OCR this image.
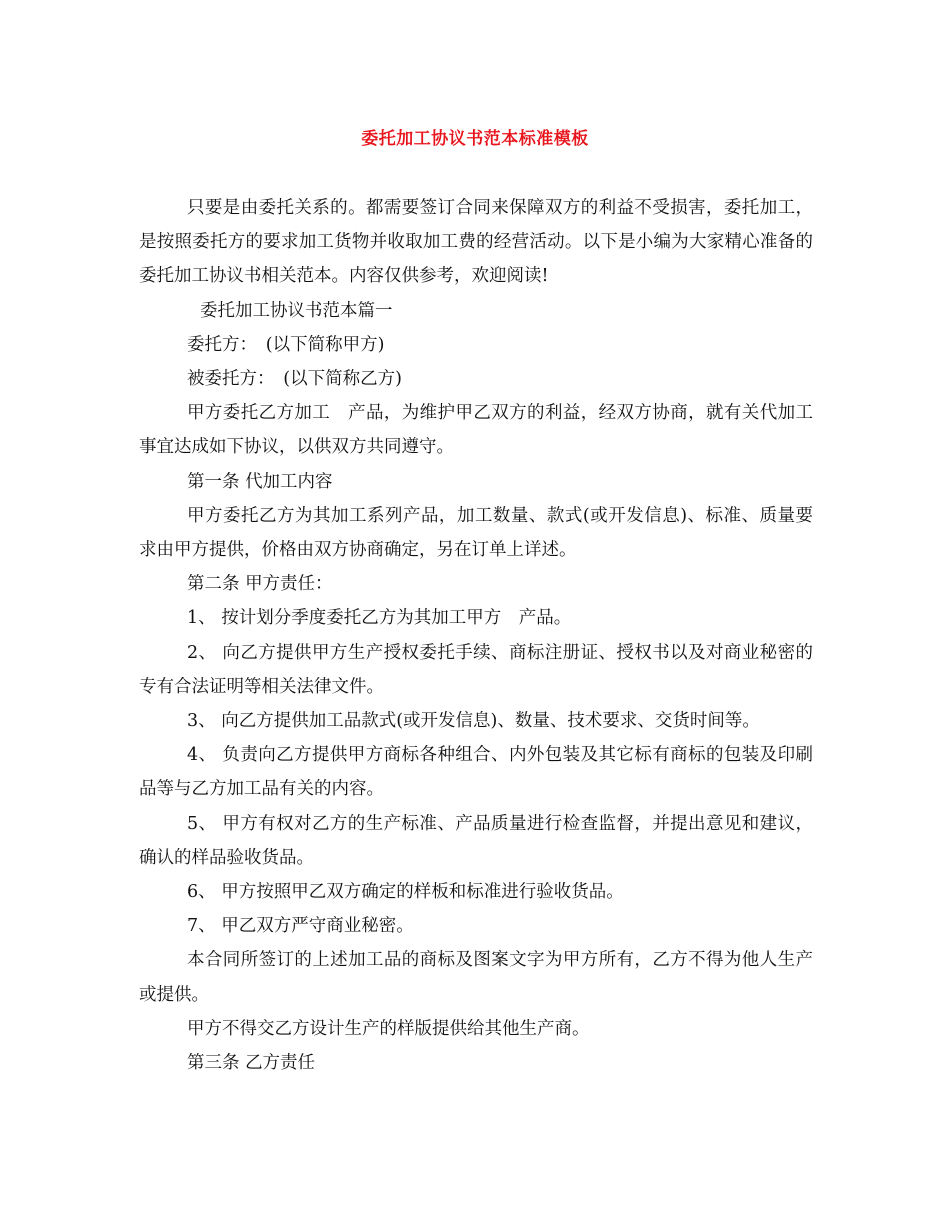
委托加工协议书范本标准模板

只要是由委托关系的。都需要签订合同来保障双方的利益不受损害，委托加工，是按照委托方的要求加工货物并收取加工费的经营活动。以下是小编为大家精心准备的委托加工协议书相关范本。内容仅供参考，欢迎阅读!

委托加工协议书范本篇一

委托方：　(以下简称甲方)

被委托方：　(以下简称乙方)

甲方委托乙方加工　产品，为维护甲乙双方的利益，经双方协商，就有关代加工事宜达成如下协议，以供双方共同遵守。

第一条 代加工内容

甲方委托乙方为其加工系列产品，加工数量、款式(或开发信息)、标准、质量要求由甲方提供，价格由双方协商确定，另在订单上详述。

第二条 甲方责任：

1、 按计划分季度委托乙方为其加工甲方　产品。

2、 向乙方提供甲方生产授权委托手续、商标注册证、授权书以及对商业秘密的专有合法证明等相关法律文件。

3、 向乙方提供加工品款式(或开发信息)、数量、技术要求、交货时间等。

4、 负责向乙方提供甲方商标各种组合、内外包装及其它标有商标的包装及印刷品等与乙方加工品有关的内容。

5、 甲方有权对乙方的生产标准、产品质量进行检查监督，并提出意见和建议，确认的样品验收货品。

6、 甲方按照甲乙双方确定的样板和标准进行验收货品。

7、 甲乙双方严守商业秘密。

本合同所签订的上述加工品的商标及图案文字为甲方所有，乙方不得为他人生产或提供。

甲方不得交乙方设计生产的样版提供给其他生产商。

第三条 乙方责任
